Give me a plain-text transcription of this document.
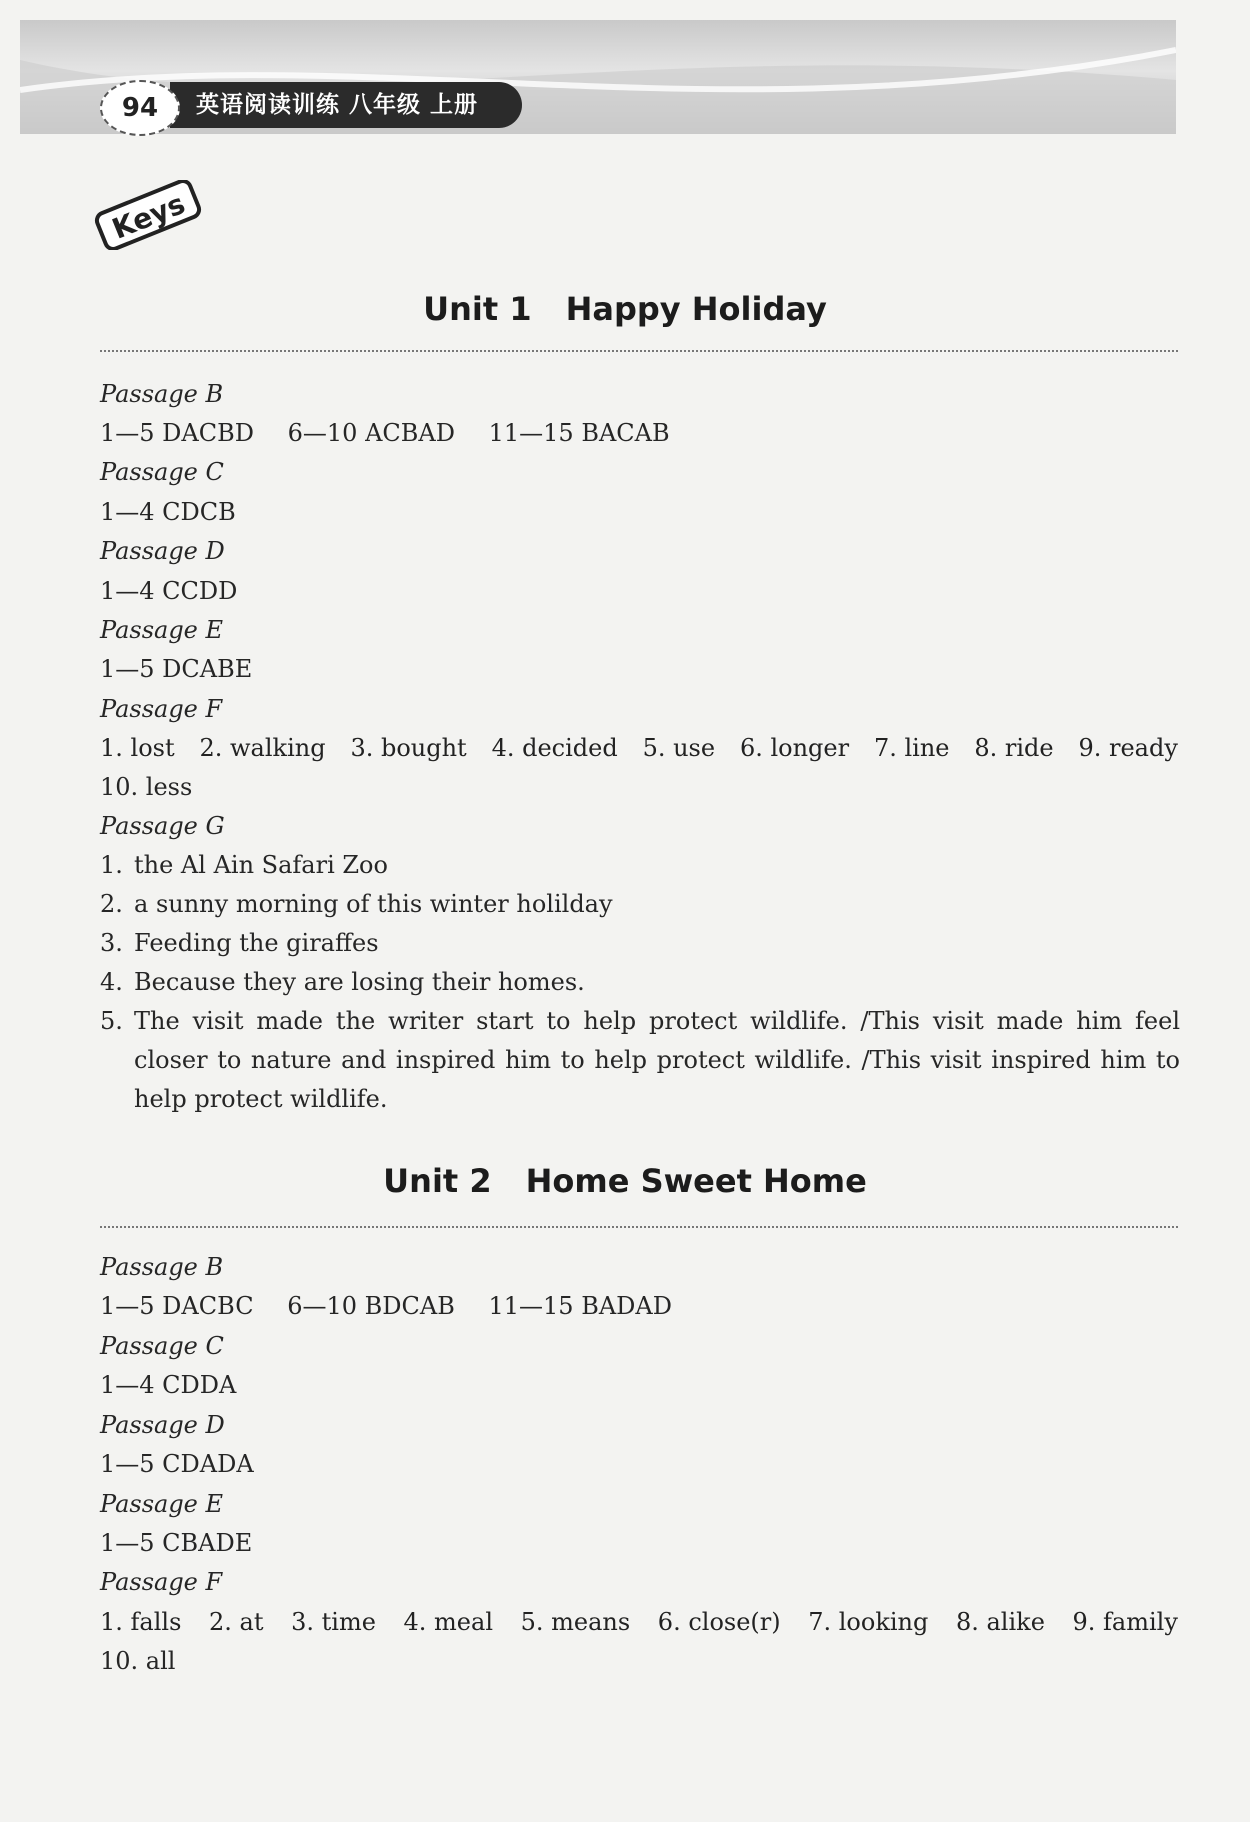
英语阅读训练 八年级 上册
94
Keys
Unit 1 Happy Holiday
Passage B
1—5 DACBD 6—10 ACBAD 11—15 BACAB
Passage C
1—4 CDCB
Passage D
1—4 CCDD
Passage E
1—5 DCABE
Passage F
1. lost 2. walking 3. bought 4. decided 5. use 6. longer 7. line 8. ride 9. ready
10. less
Passage G
1. the Al Ain Safari Zoo
2. a sunny morning of this winter holilday
3. Feeding the giraffes
4. Because they are losing their homes.
5. The visit made the writer start to help protect wildlife. /This visit made him feel closer to nature and inspired him to help protect wildlife. /This visit inspired him to help protect wildlife.
Unit 2 Home Sweet Home
Passage B
1—5 DACBC 6—10 BDCAB 11—15 BADAD
Passage C
1—4 CDDA
Passage D
1—5 CDADA
Passage E
1—5 CBADE
Passage F
1. falls 2. at 3. time 4. meal 5. means 6. close(r) 7. looking 8. alike 9. family
10. all
